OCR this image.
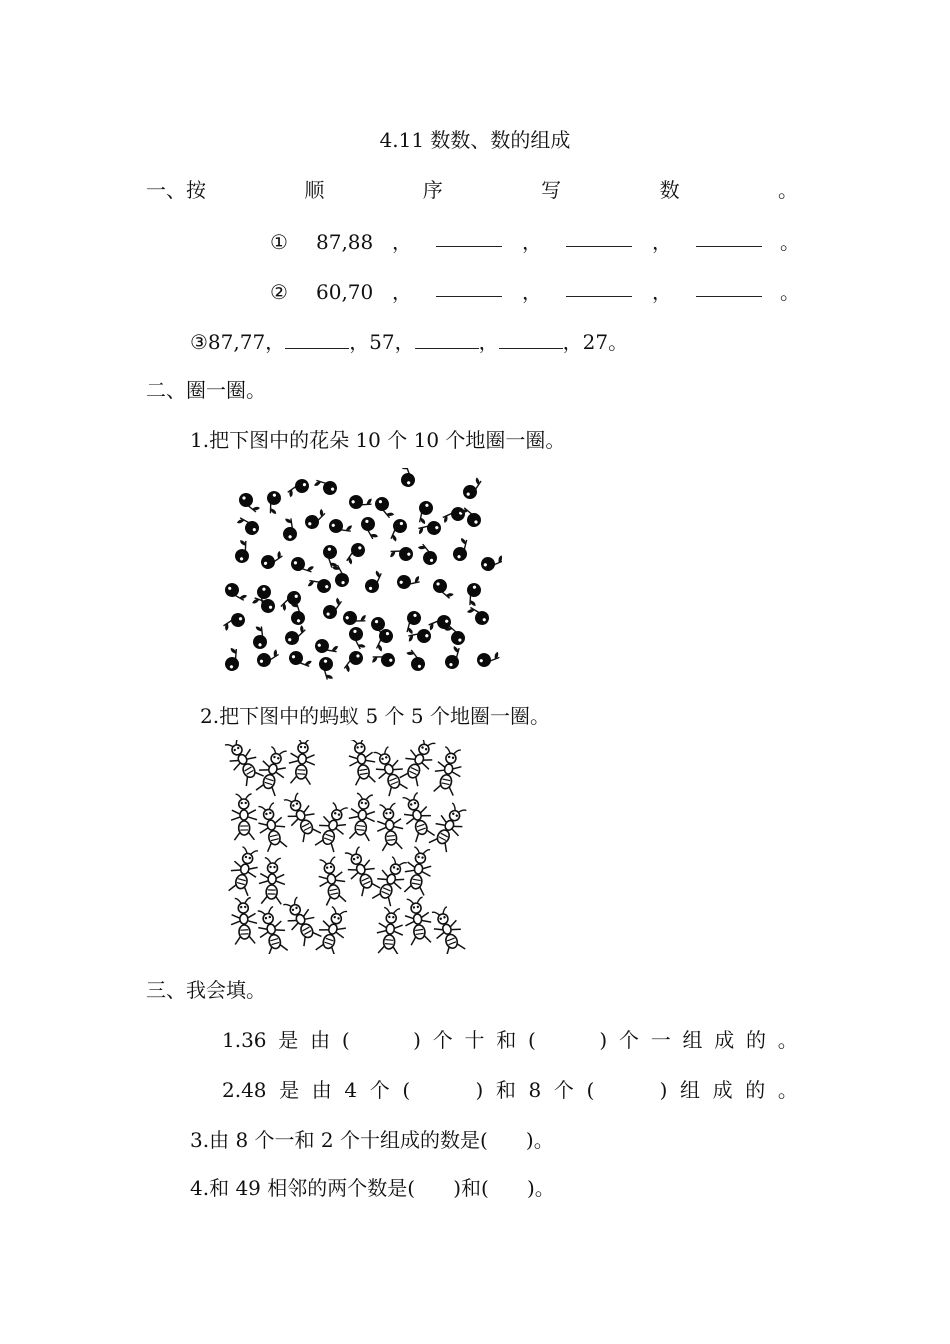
4.11 数数、数的组成
一、按	顺	序	写	数	。
① 87,88 ，	，	，	。
② 60,70 ，	，	，	。
③87,77，	，57，	，	，27。
二、圈一圈。
1.把下图中的花朵 10 个 10 个地圈一圈。
2.把下图中的蚂蚁 5 个 5 个地圈一圈。
三、我会填。
1.36 是 由 (	) 个 十 和 (	) 个 一 组 成 的 。
2.48 是 由 4 个 (	) 和 8 个 (	) 组 成 的 。
3.由 8 个一和 2 个十组成的数是(      )。
4.和 49 相邻的两个数是(      )和(      )。
